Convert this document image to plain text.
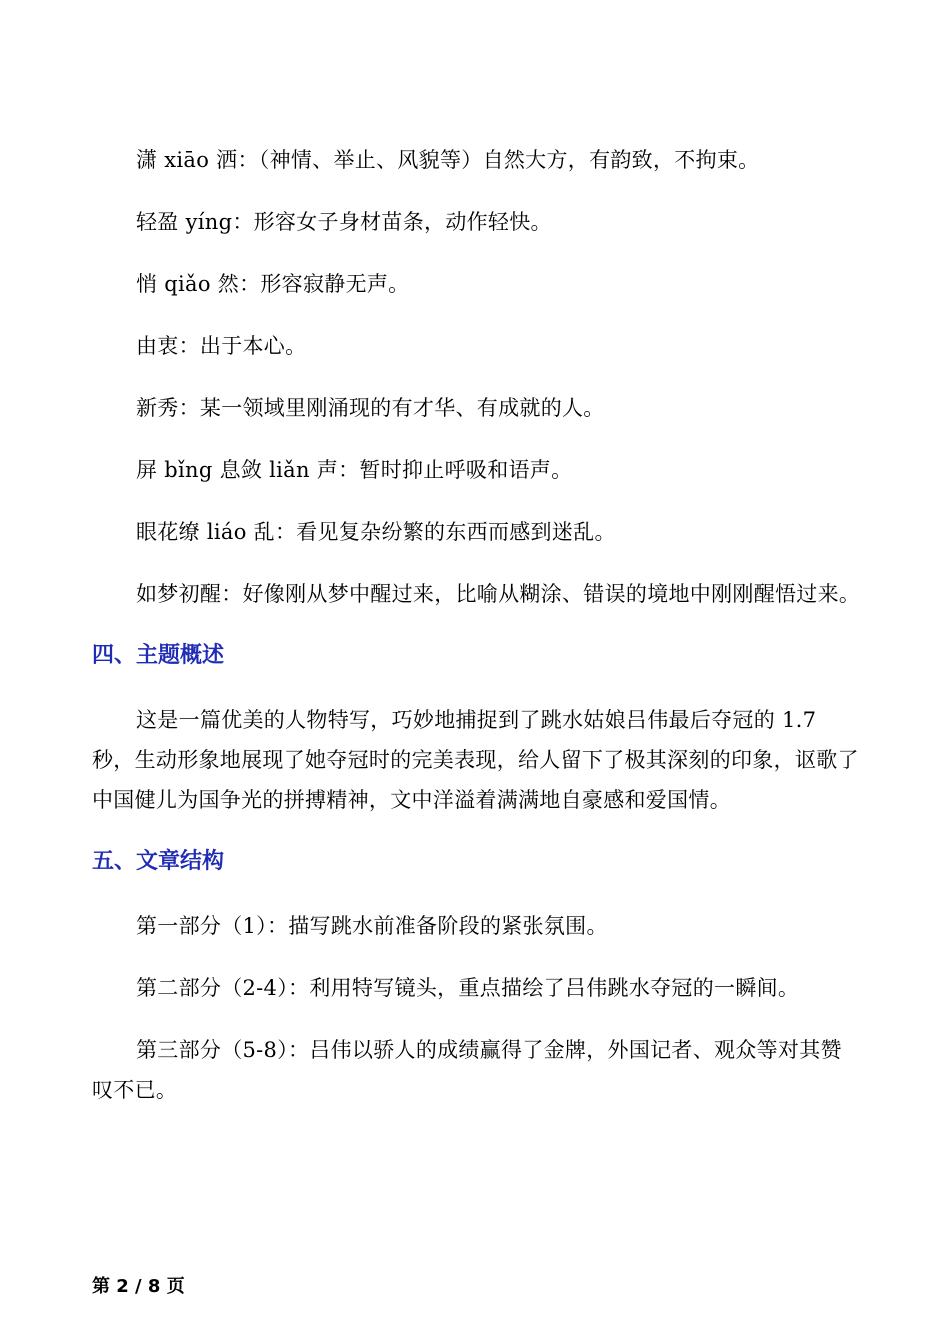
潇 xiāo 洒：（神情、举止、风貌等）自然大方，有韵致，不拘束。

轻盈 yíng：形容女子身材苗条，动作轻快。

悄 qiǎo 然：形容寂静无声。

由衷：出于本心。

新秀：某一领域里刚涌现的有才华、有成就的人。

屏 bǐng 息敛 liǎn 声：暂时抑止呼吸和语声。

眼花缭 liáo 乱：看见复杂纷繁的东西而感到迷乱。

如梦初醒：好像刚从梦中醒过来，比喻从糊涂、错误的境地中刚刚醒悟过来。

四、主题概述

这是一篇优美的人物特写，巧妙地捕捉到了跳水姑娘吕伟最后夺冠的 1.7 秒，生动形象地展现了她夺冠时的完美表现，给人留下了极其深刻的印象，讴歌了中国健儿为国争光的拼搏精神，文中洋溢着满满地自豪感和爱国情。

五、文章结构

第一部分（1）：描写跳水前准备阶段的紧张氛围。

第二部分（2-4）：利用特写镜头，重点描绘了吕伟跳水夺冠的一瞬间。

第三部分（5-8）：吕伟以骄人的成绩赢得了金牌，外国记者、观众等对其赞叹不已。

第 2 / 8 页
